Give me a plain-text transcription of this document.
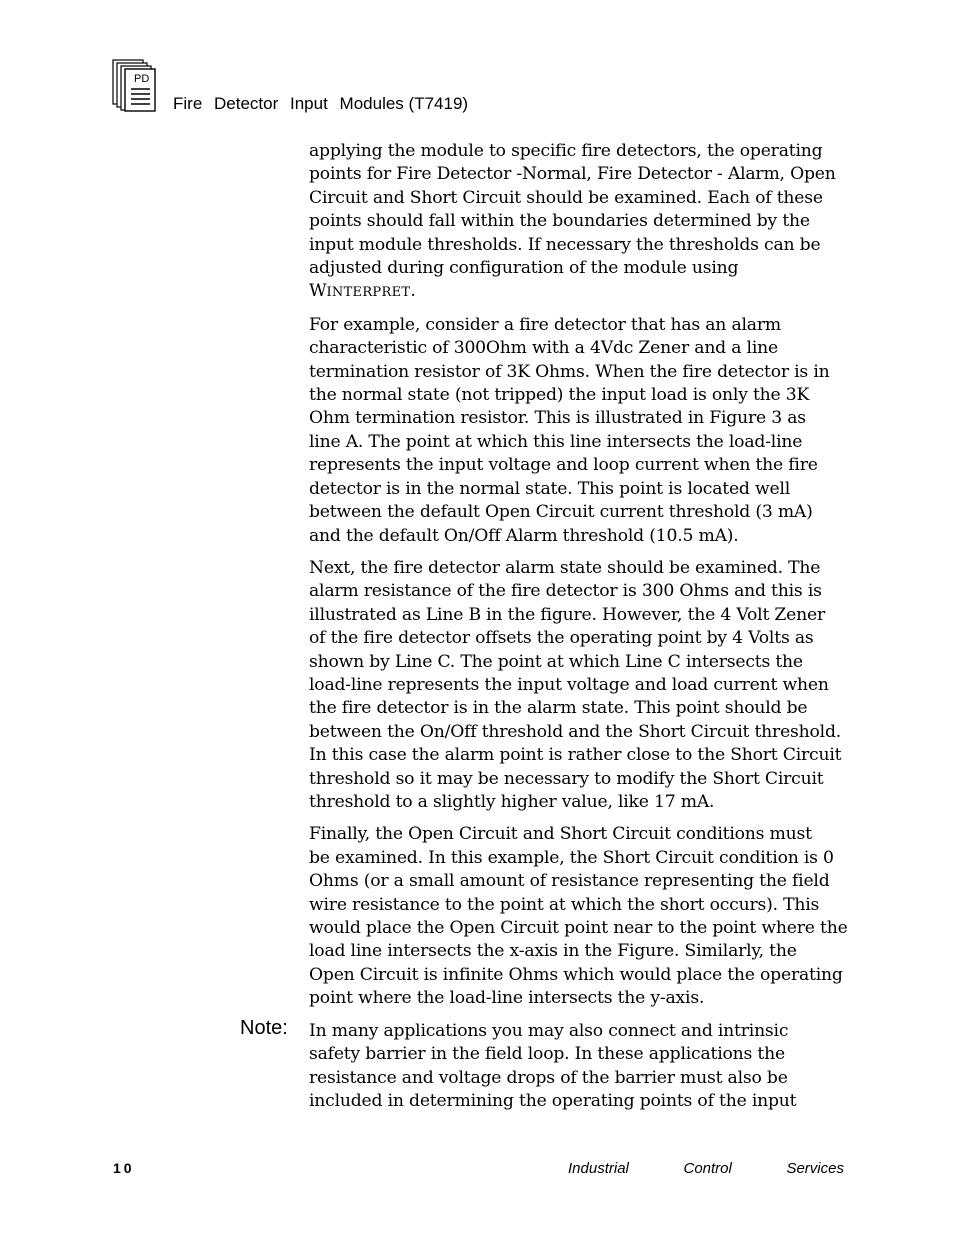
PD
Fire Detector Input Modules (T7419)

applying the module to specific fire detectors, the operating
points for Fire Detector -Normal, Fire Detector - Alarm, Open
Circuit and Short Circuit should be examined. Each of these
points should fall within the boundaries determined by the
input module thresholds. If necessary the thresholds can be
adjusted during configuration of the module using
WINTERPRET.

For example, consider a fire detector that has an alarm
characteristic of 300Ohm with a 4Vdc Zener and a line
termination resistor of 3K Ohms. When the fire detector is in
the normal state (not tripped) the input load is only the 3K
Ohm termination resistor. This is illustrated in Figure 3 as
line A. The point at which this line intersects the load-line
represents the input voltage and loop current when the fire
detector is in the normal state. This point is located well
between the default Open Circuit current threshold (3 mA)
and the default On/Off Alarm threshold (10.5 mA).

Next, the fire detector alarm state should be examined. The
alarm resistance of the fire detector is 300 Ohms and this is
illustrated as Line B in the figure. However, the 4 Volt Zener
of the fire detector offsets the operating point by 4 Volts as
shown by Line C. The point at which Line C intersects the
load-line represents the input voltage and load current when
the fire detector is in the alarm state. This point should be
between the On/Off threshold and the Short Circuit threshold.
In this case the alarm point is rather close to the Short Circuit
threshold so it may be necessary to modify the Short Circuit
threshold to a slightly higher value, like 17 mA.

Finally, the Open Circuit and Short Circuit conditions must
be examined. In this example, the Short Circuit condition is 0
Ohms (or a small amount of resistance representing the field
wire resistance to the point at which the short occurs). This
would place the Open Circuit point near to the point where the
load line intersects the x-axis in the Figure. Similarly, the
Open Circuit is infinite Ohms which would place the operating
point where the load-line intersects the y-axis.

Note: In many applications you may also connect and intrinsic
safety barrier in the field loop. In these applications the
resistance and voltage drops of the barrier must also be
included in determining the operating points of the input

10	Industrial	Control	Services
